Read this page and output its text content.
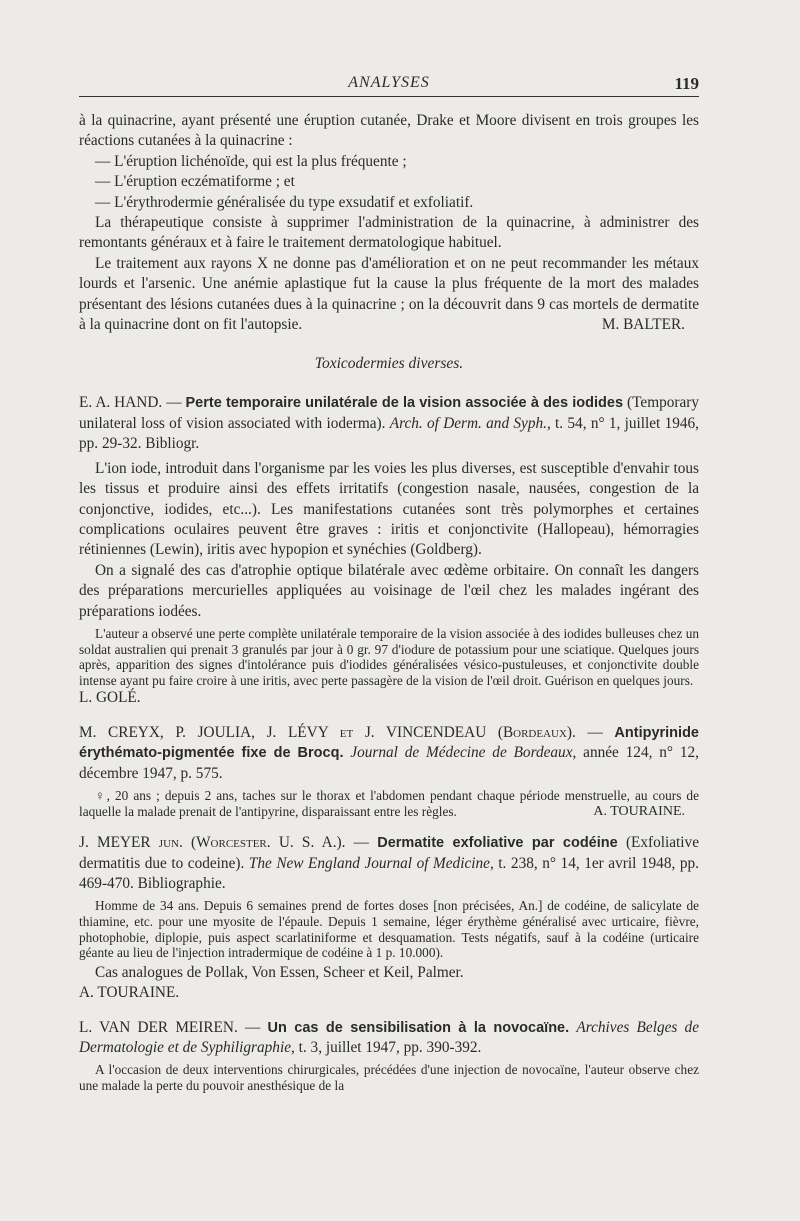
ANALYSES	119

à la quinacrine, ayant présenté une éruption cutanée, Drake et Moore divisent en trois groupes les réactions cutanées à la quinacrine :

— L'éruption lichénoïde, qui est la plus fréquente ;

— L'éruption eczématiforme ; et

— L'érythrodermie généralisée du type exsudatif et exfoliatif.

La thérapeutique consiste à supprimer l'administration de la quinacrine, à administrer des remontants généraux et à faire le traitement dermatologique habituel.

Le traitement aux rayons X ne donne pas d'amélioration et on ne peut recommander les métaux lourds et l'arsenic. Une anémie aplastique fut la cause la plus fréquente de la mort des malades présentant des lésions cutanées dues à la quinacrine ; on la découvrit dans 9 cas mortels de dermatite à la quinacrine dont on fit l'autopsie.	M. BALTER.

Toxicodermies diverses.

E. A. HAND. — Perte temporaire unilatérale de la vision associée à des iodides (Temporary unilateral loss of vision associated with ioderma). Arch. of Derm. and Syph., t. 54, n° 1, juillet 1946, pp. 29-32. Bibliogr.

L'ion iode, introduit dans l'organisme par les voies les plus diverses, est susceptible d'envahir tous les tissus et produire ainsi des effets irritatifs (congestion nasale, nausées, congestion de la conjonctive, iodides, etc...). Les manifestations cutanées sont très polymorphes et certaines complications oculaires peuvent être graves : iritis et conjonctivite (Hallopeau), hémorragies rétiniennes (Lewin), iritis avec hypopion et synéchies (Goldberg).

On a signalé des cas d'atrophie optique bilatérale avec œdème orbitaire. On connaît les dangers des préparations mercurielles appliquées au voisinage de l'œil chez les malades ingérant des préparations iodées.

L'auteur a observé une perte complète unilatérale temporaire de la vision associée à des iodides bulleuses chez un soldat australien qui prenait 3 granulés par jour à 0 gr. 97 d'iodure de potassium pour une sciatique. Quelques jours après, apparition des signes d'intolérance puis d'iodides généralisées vésico-pustuleuses, et conjonctivite double intense ayant pu faire croire à une iritis, avec perte passagère de la vision de l'œil droit. Guérison en quelques jours.

L. GOLÉ.

M. CREYX, P. JOULIA, J. LÉVY et J. VINCENDEAU (Bordeaux). — Antipyrinide érythémato-pigmentée fixe de Brocq. Journal de Médecine de Bordeaux, année 124, n° 12, décembre 1947, p. 575.

♀, 20 ans ; depuis 2 ans, taches sur le thorax et l'abdomen pendant chaque période menstruelle, au cours de laquelle la malade prenait de l'antipyrine, disparaissant entre les règles.	A. TOURAINE.

J. MEYER jun. (Worcester. U. S. A.). — Dermatite exfoliative par codéine (Exfoliative dermatitis due to codeine). The New England Journal of Medicine, t. 238, n° 14, 1er avril 1948, pp. 469-470. Bibliographie.

Homme de 34 ans. Depuis 6 semaines prend de fortes doses [non précisées, An.] de codéine, de salicylate de thiamine, etc. pour une myosite de l'épaule. Depuis 1 semaine, léger érythème généralisé avec urticaire, fièvre, photophobie, diplopie, puis aspect scarlatiniforme et desquamation. Tests négatifs, sauf à la codéine (urticaire géante au lieu de l'injection intradermique de codéine à 1 p. 10.000).

Cas analogues de Pollak, Von Essen, Scheer et Keil, Palmer.

A. TOURAINE.

L. VAN DER MEIREN. — Un cas de sensibilisation à la novocaïne. Archives Belges de Dermatologie et de Syphiligraphie, t. 3, juillet 1947, pp. 390-392.

A l'occasion de deux interventions chirurgicales, précédées d'une injection de novocaïne, l'auteur observe chez une malade la perte du pouvoir anesthésique de la
